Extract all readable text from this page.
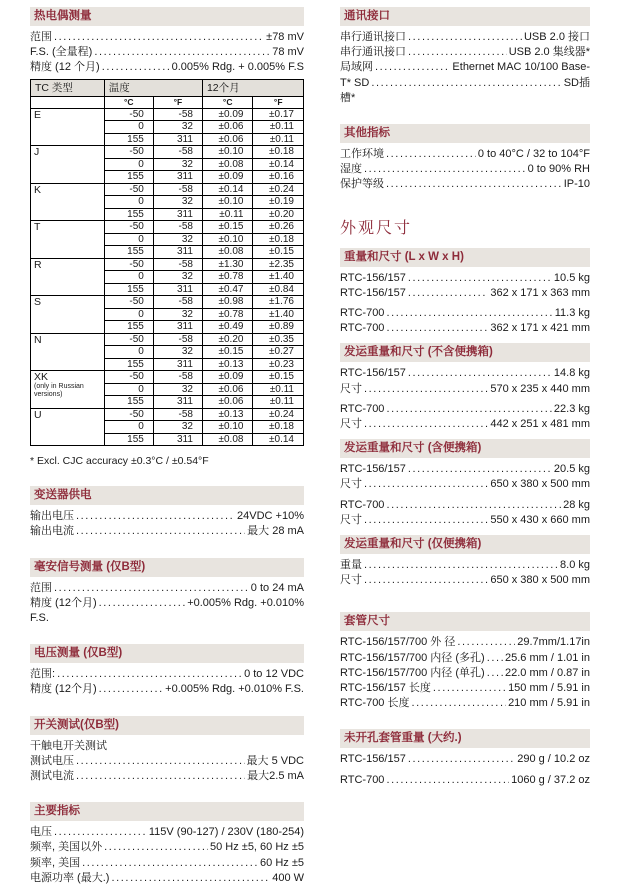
热电偶测量
范围 .....	±78 mV
F.S. (全量程) .....	78 mV
精度 (12 个月) .....	0.005% Rdg. + 0.005% F.S
TC 类型	温度		12个月	
	°C	°F	°C	°F
E	-50	-58	±0.09	±0.17
	0	32	±0.06	±0.11
	155	311	±0.06	±0.11
J	-50	-58	±0.10	±0.18
	0	32	±0.08	±0.14
	155	311	±0.09	±0.16
K	-50	-58	±0.14	±0.24
	0	32	±0.10	±0.19
	155	311	±0.11	±0.20
T	-50	-58	±0.15	±0.26
	0	32	±0.10	±0.18
	155	311	±0.08	±0.15
R	-50	-58	±1.30	±2.35
	0	32	±0.78	±1.40
	155	311	±0.47	±0.84
S	-50	-58	±0.98	±1.76
	0	32	±0.78	±1.40
	155	311	±0.49	±0.89
N	-50	-58	±0.20	±0.35
	0	32	±0.15	±0.27
	155	311	±0.13	±0.23
XK
(only in Russian versions)	-50	-58	±0.09	±0.15
	0	32	±0.06	±0.11
	155	311	±0.06	±0.11
U	-50	-58	±0.13	±0.24
	0	32	±0.10	±0.18
	155	311	±0.08	±0.14
* Excl. CJC accuracy ±0.3°C / ±0.54°F
变送器供电
输出电压 .....	24VDC +10%
输出电流 .....	最大 28 mA
毫安信号测量 (仅B型)
范围 .....	0 to 24 mA
精度 (12个月) .....	+0.005% Rdg. +0.010%
F.S.
电压测量 (仅B型)
范围: .....	0 to 12 VDC
精度 (12个月) .....	+0.005% Rdg. +0.010% F.S.
开关测试(仅B型)
干触电开关测试
测试电压 .....	最大 5 VDC
测试电流 .....	最大2.5 mA
主要指标
电压 .....	115V (90-127) / 230V (180-254)
频率, 美国以外 .....	50 Hz ±5, 60 Hz ±5
频率, 美国 .....	60 Hz ±5
电源功率 (最大.) .....	400 W
通讯接口
串行通讯接口 .....	USB 2.0 接口
串行通讯接口 .....	USB 2.0 集线器*
局域网 .....	Ethernet MAC 10/100 Base-
T* SD .....	SD插
槽*
其他指标
工作环境 .....	0 to 40°C / 32 to 104°F
湿度 .....	0 to 90% RH
保护等级 .....	IP-10
外观尺寸
重量和尺寸 (L x W x H)
RTC-156/157 .....	10.5 kg
RTC-156/157 .....	362 x 171 x 363 mm
RTC-700 .....	11.3 kg
RTC-700 .....	362 x 171 x 421 mm
发运重量和尺寸 (不含便携箱)
RTC-156/157 .....	14.8 kg
尺寸 .....	570 x 235 x 440 mm
RTC-700 .....	22.3 kg
尺寸 .....	442 x 251 x 481 mm
发运重量和尺寸 (含便携箱)
RTC-156/157 .....	20.5 kg
尺寸 .....	650 x 380 x 500 mm
RTC-700 .....	28 kg
尺寸 .....	550 x 430 x 660 mm
发运重量和尺寸 (仅便携箱)
重量 .....	8.0 kg
尺寸 .....	650 x 380 x 500 mm
套管尺寸
RTC-156/157/700 外 径 .....	29.7mm/1.17in
RTC-156/157/700 内径 (多孔) ..... 25.6 mm / 1.01 in
RTC-156/157/700 内径 (单孔) ..... 22.0 mm / 0.87 in
RTC-156/157 长度 .....	150 mm / 5.91 in
RTC-700 长度 .....	210 mm / 5.91 in
未开孔套管重量 (大约.)
RTC-156/157 .....	290 g / 10.2 oz
RTC-700 .....	1060 g / 37.2 oz
